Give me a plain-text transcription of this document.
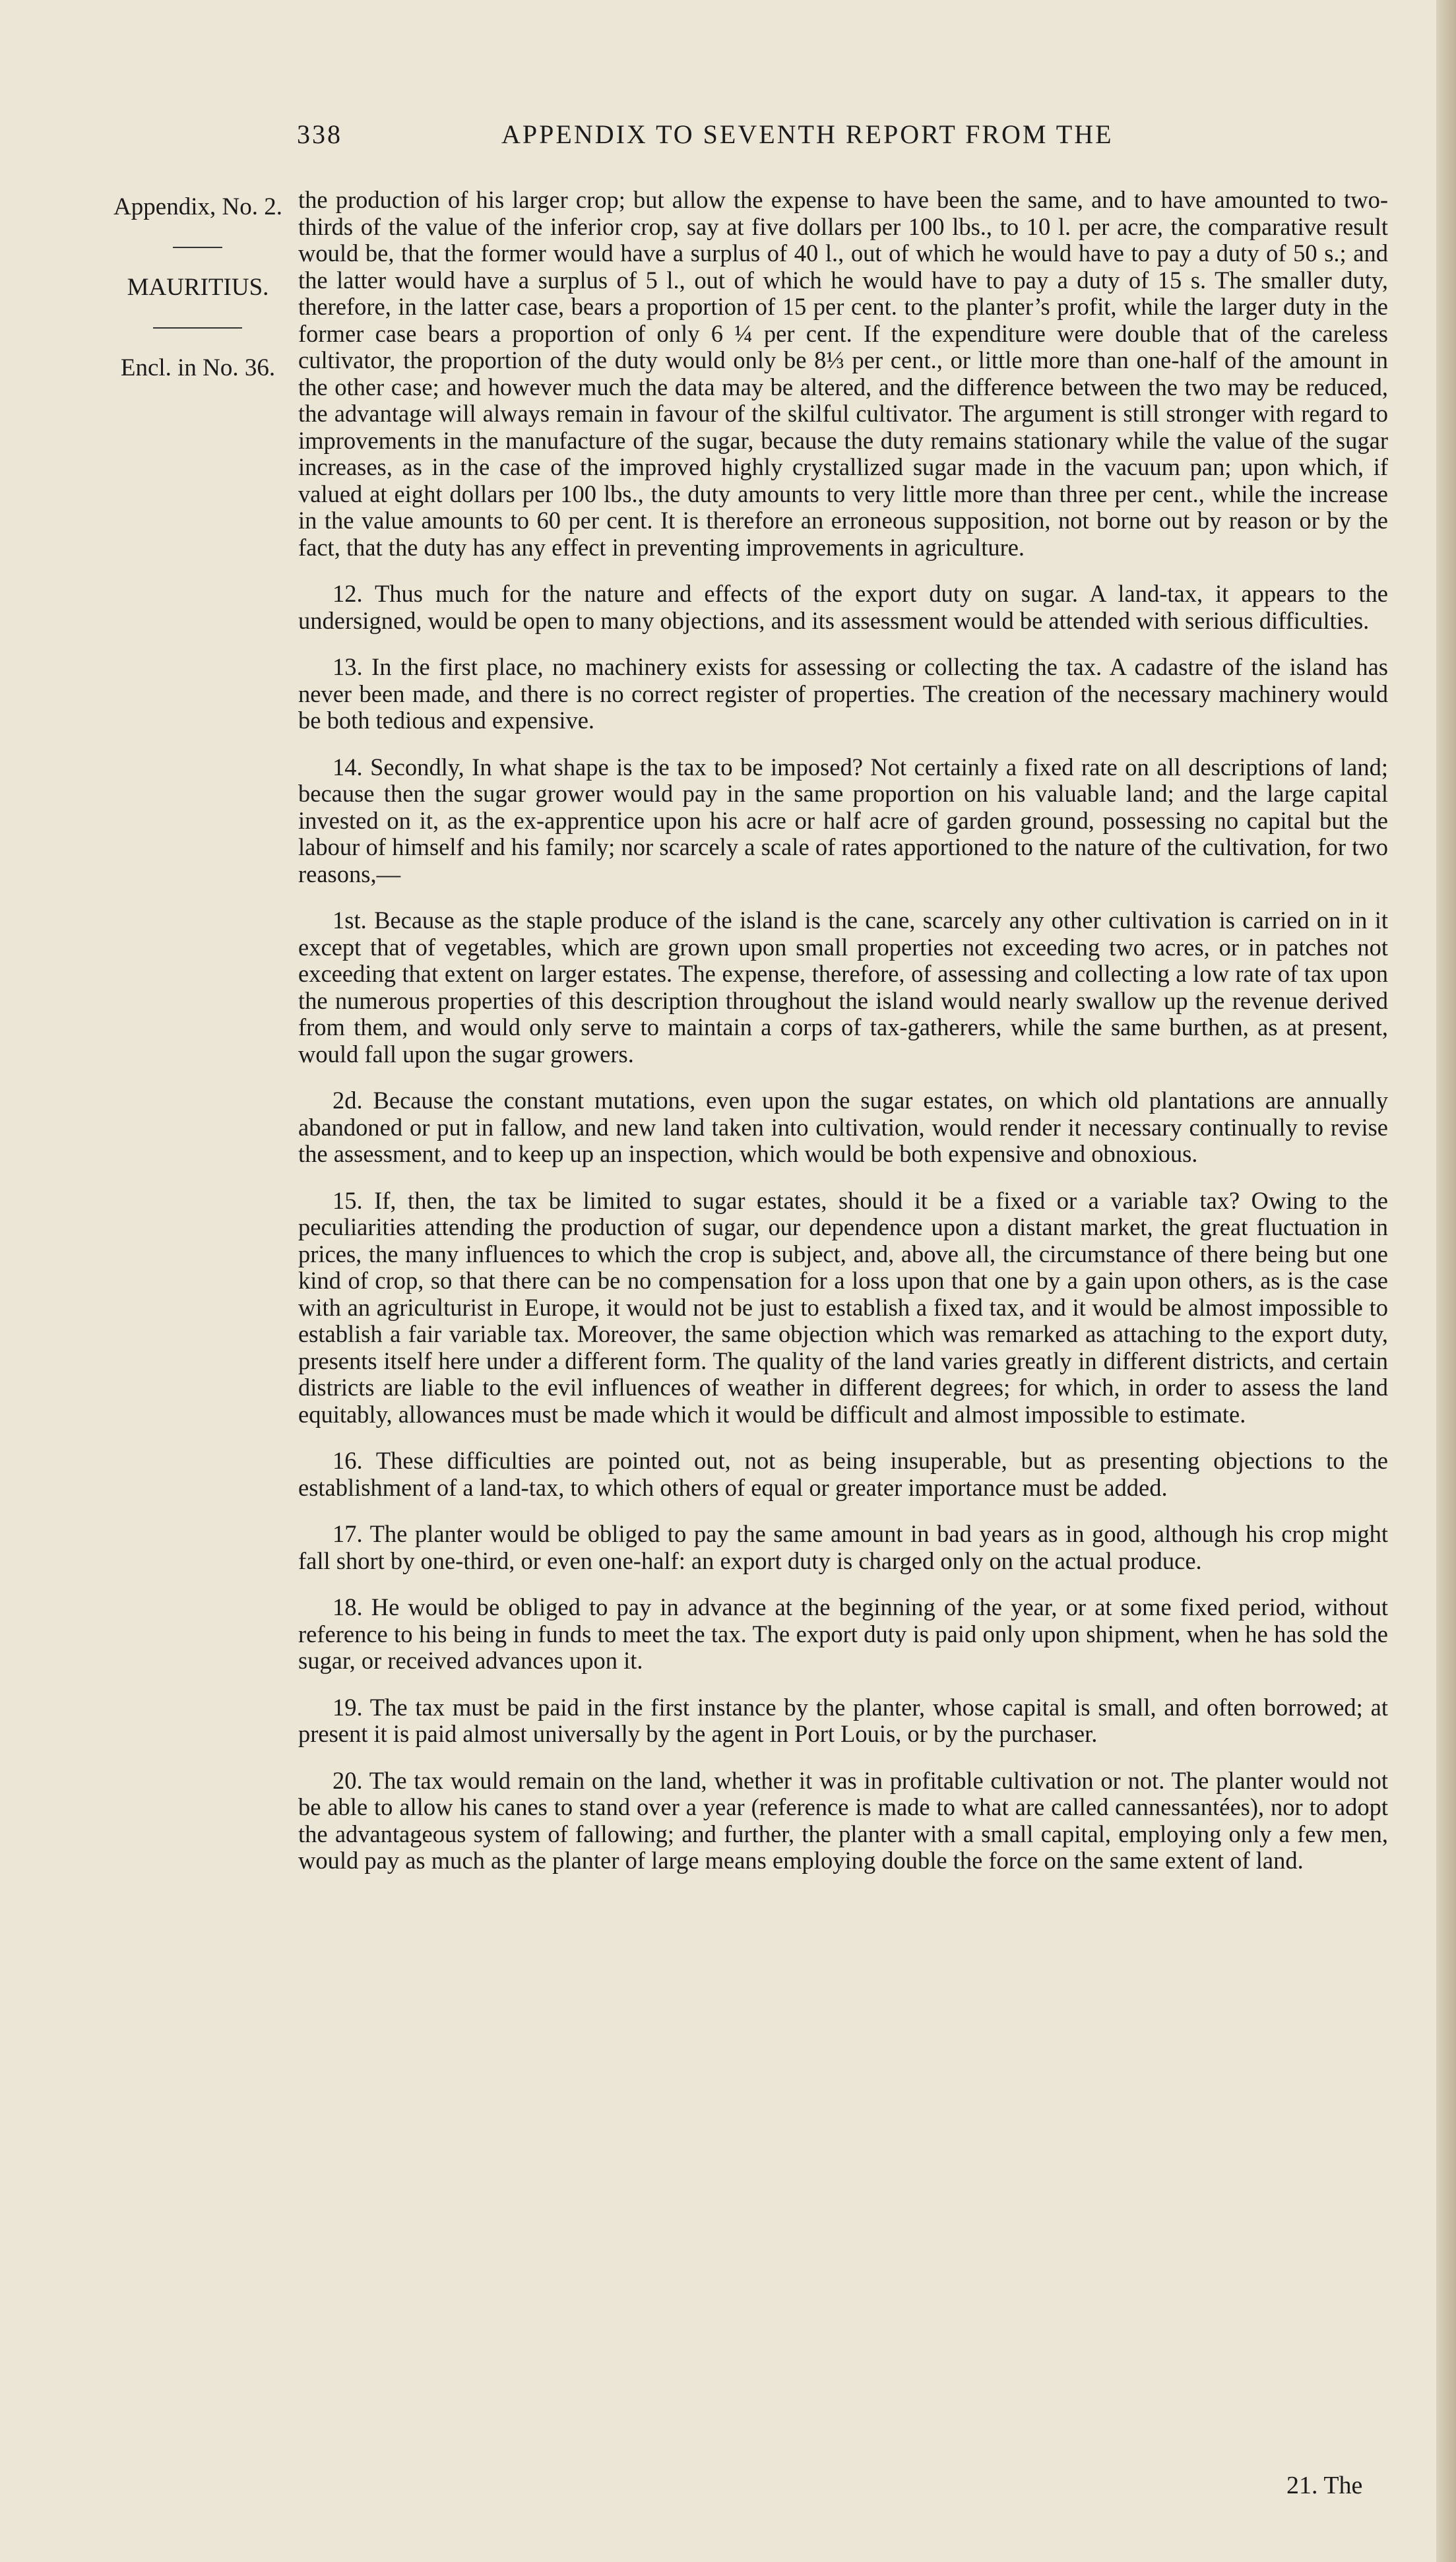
338	APPENDIX TO SEVENTH REPORT FROM THE
Appendix, No. 2.
MAURITIUS.
Encl. in No. 36.

the production of his larger crop; but allow the expense to have been the same, and to have amounted to two-thirds of the value of the inferior crop, say at five dollars per 100 lbs., to 10 l. per acre, the comparative result would be, that the former would have a surplus of 40 l., out of which he would have to pay a duty of 50 s.; and the latter would have a surplus of 5 l., out of which he would have to pay a duty of 15 s. The smaller duty, therefore, in the latter case, bears a proportion of 15 per cent. to the planter’s profit, while the larger duty in the former case bears a proportion of only 6 ¼ per cent. If the expenditure were double that of the careless cultivator, the proportion of the duty would only be 8⅓ per cent., or little more than one-half of the amount in the other case; and however much the data may be altered, and the difference between the two may be reduced, the advantage will always remain in favour of the skilful cultivator. The argument is still stronger with regard to improvements in the manufacture of the sugar, because the duty remains stationary while the value of the sugar increases, as in the case of the improved highly crystallized sugar made in the vacuum pan; upon which, if valued at eight dollars per 100 lbs., the duty amounts to very little more than three per cent., while the increase in the value amounts to 60 per cent. It is therefore an erroneous supposition, not borne out by reason or by the fact, that the duty has any effect in preventing improvements in agriculture.

12. Thus much for the nature and effects of the export duty on sugar. A land-tax, it appears to the undersigned, would be open to many objections, and its assessment would be attended with serious difficulties.

13. In the first place, no machinery exists for assessing or collecting the tax. A cadastre of the island has never been made, and there is no correct register of properties. The creation of the necessary machinery would be both tedious and expensive.

14. Secondly, In what shape is the tax to be imposed? Not certainly a fixed rate on all descriptions of land; because then the sugar grower would pay in the same proportion on his valuable land; and the large capital invested on it, as the ex-apprentice upon his acre or half acre of garden ground, possessing no capital but the labour of himself and his family; nor scarcely a scale of rates apportioned to the nature of the cultivation, for two reasons,—

1st. Because as the staple produce of the island is the cane, scarcely any other cultivation is carried on in it except that of vegetables, which are grown upon small properties not exceeding two acres, or in patches not exceeding that extent on larger estates. The expense, therefore, of assessing and collecting a low rate of tax upon the numerous properties of this description throughout the island would nearly swallow up the revenue derived from them, and would only serve to maintain a corps of tax-gatherers, while the same burthen, as at present, would fall upon the sugar growers.

2d. Because the constant mutations, even upon the sugar estates, on which old plantations are annually abandoned or put in fallow, and new land taken into cultivation, would render it necessary continually to revise the assessment, and to keep up an inspection, which would be both expensive and obnoxious.

15. If, then, the tax be limited to sugar estates, should it be a fixed or a variable tax? Owing to the peculiarities attending the production of sugar, our dependence upon a distant market, the great fluctuation in prices, the many influences to which the crop is subject, and, above all, the circumstance of there being but one kind of crop, so that there can be no compensation for a loss upon that one by a gain upon others, as is the case with an agriculturist in Europe, it would not be just to establish a fixed tax, and it would be almost impossible to establish a fair variable tax. Moreover, the same objection which was remarked as attaching to the export duty, presents itself here under a different form. The quality of the land varies greatly in different districts, and certain districts are liable to the evil influences of weather in different degrees; for which, in order to assess the land equitably, allowances must be made which it would be difficult and almost impossible to estimate.

16. These difficulties are pointed out, not as being insuperable, but as presenting objections to the establishment of a land-tax, to which others of equal or greater importance must be added.

17. The planter would be obliged to pay the same amount in bad years as in good, although his crop might fall short by one-third, or even one-half: an export duty is charged only on the actual produce.

18. He would be obliged to pay in advance at the beginning of the year, or at some fixed period, without reference to his being in funds to meet the tax. The export duty is paid only upon shipment, when he has sold the sugar, or received advances upon it.

19. The tax must be paid in the first instance by the planter, whose capital is small, and often borrowed; at present it is paid almost universally by the agent in Port Louis, or by the purchaser.

20. The tax would remain on the land, whether it was in profitable cultivation or not. The planter would not be able to allow his canes to stand over a year (reference is made to what are called cannessantées), nor to adopt the advantageous system of fallowing; and further, the planter with a small capital, employing only a few men, would pay as much as the planter of large means employing double the force on the same extent of land.

21. The
